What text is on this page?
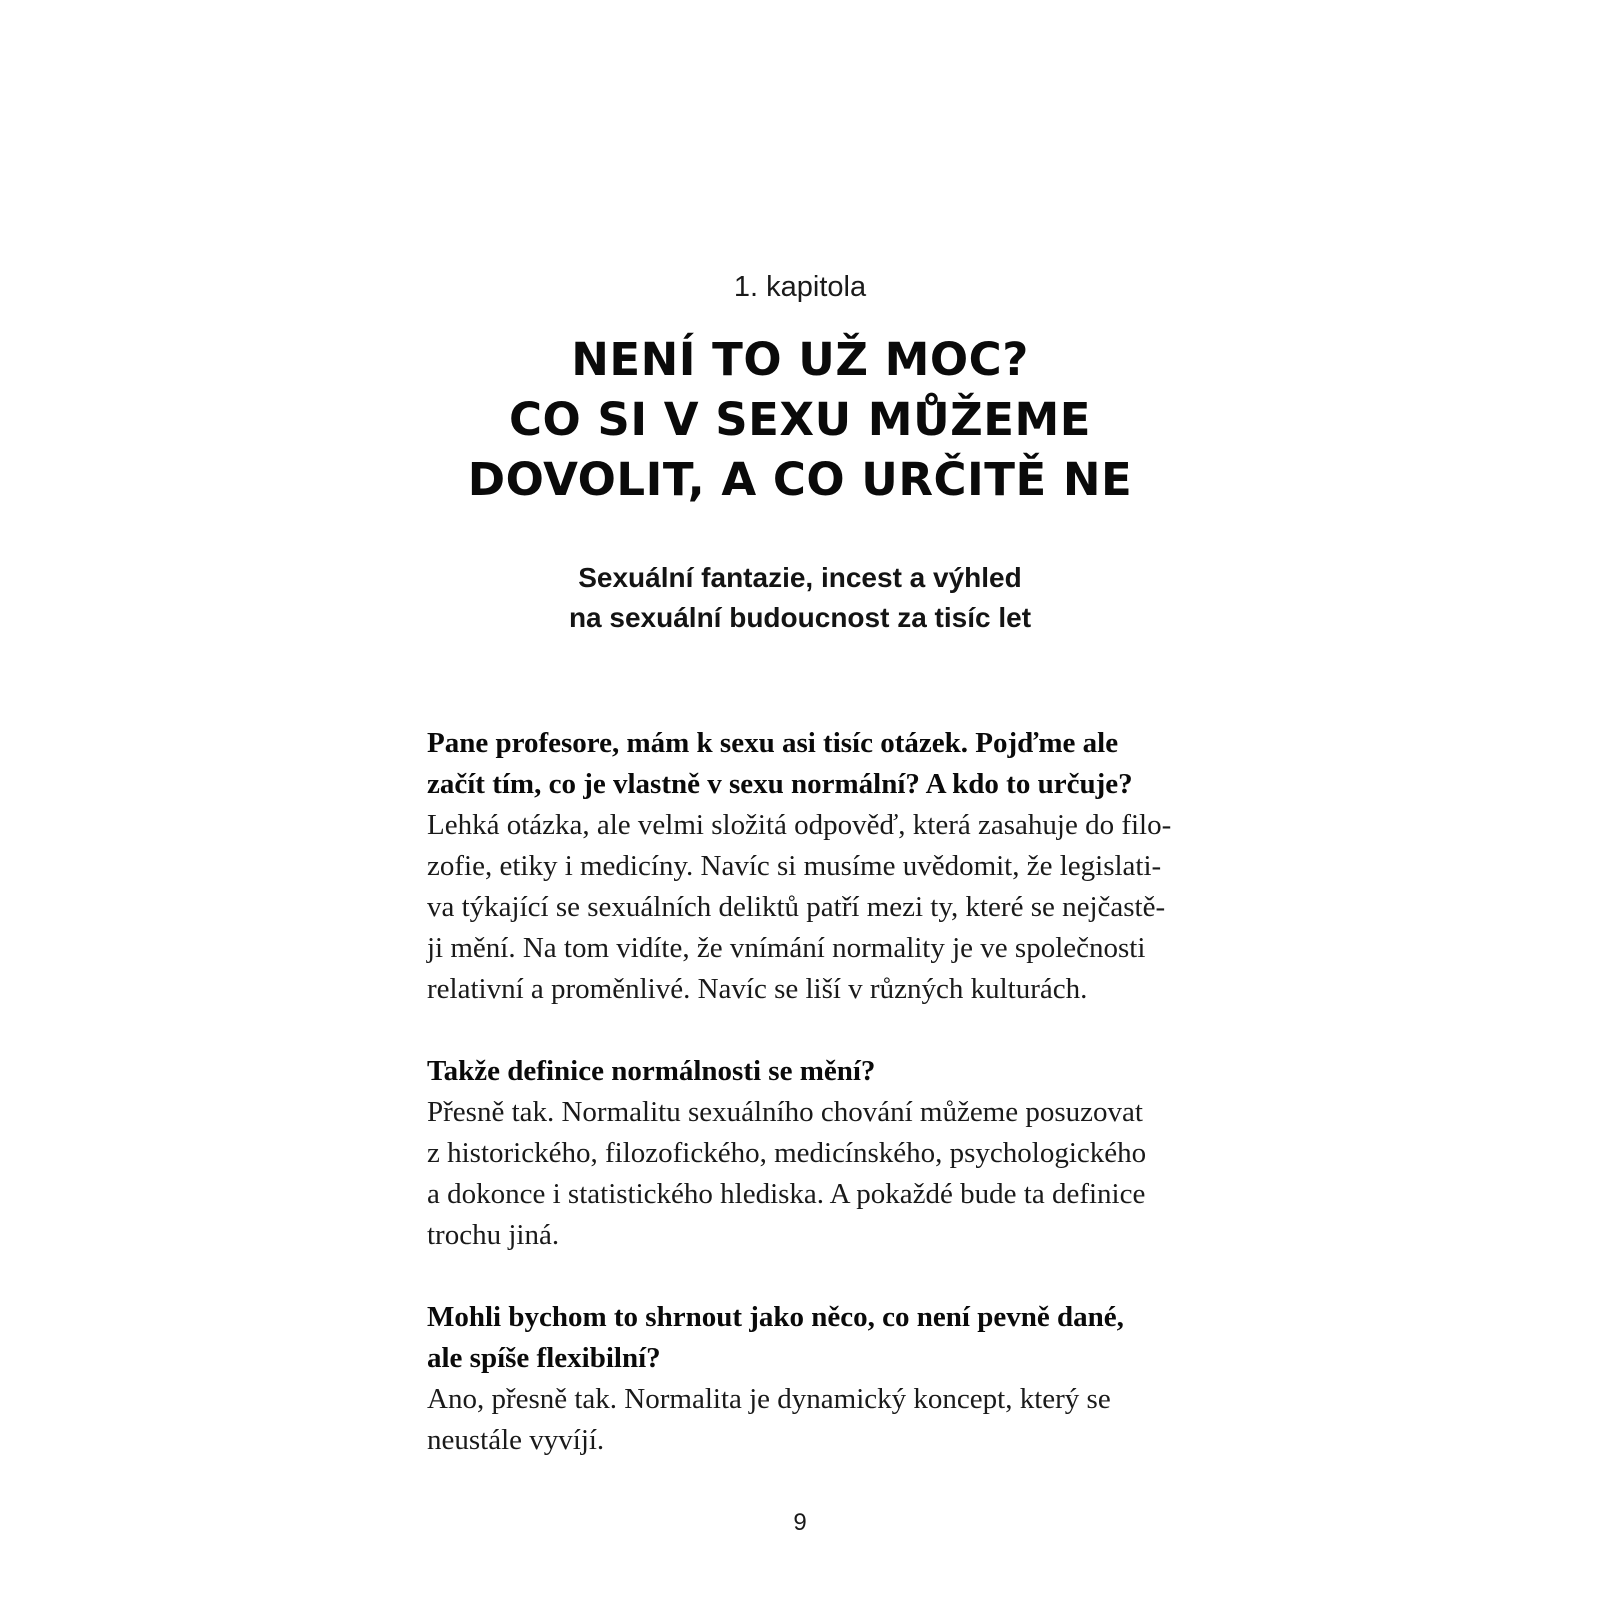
1. kapitola
NENÍ TO UŽ MOC?
CO SI V SEXU MŮŽEME
DOVOLIT, A CO URČITĚ NE
Sexuální fantazie, incest a výhled
na sexuální budoucnost za tisíc let

Pane profesore, mám k sexu asi tisíc otázek. Pojďme ale
začít tím, co je vlastně v sexu normální? A kdo to určuje?

Lehká otázka, ale velmi složitá odpověď, která zasahuje do filo-
zofie, etiky i medicíny. Navíc si musíme uvědomit, že legislati-
va týkající se sexuálních deliktů patří mezi ty, které se nejčastě-
ji mění. Na tom vidíte, že vnímání normality je ve společnosti
relativní a proměnlivé. Navíc se liší v různých kulturách.

Takže definice normálnosti se mění?

Přesně tak. Normalitu sexuálního chování můžeme posuzovat
z historického, filozofického, medicínského, psychologického
a dokonce i statistického hlediska. A pokaždé bude ta definice
trochu jiná.

Mohli bychom to shrnout jako něco, co není pevně dané,
ale spíše flexibilní?

Ano, přesně tak. Normalita je dynamický koncept, který se
neustále vyvíjí.

9
